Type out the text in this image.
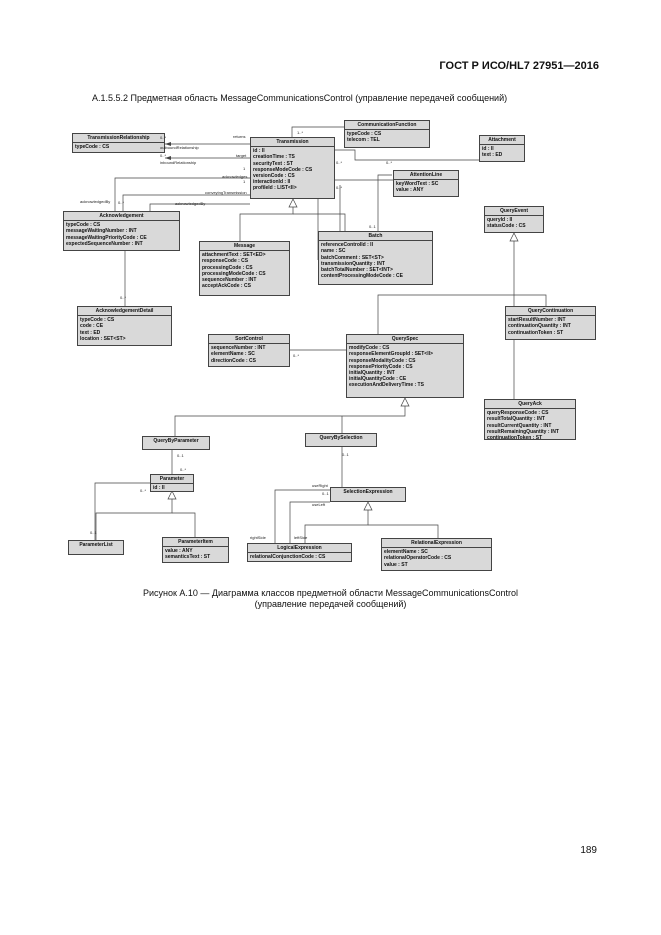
ГОСТ Р ИСО/HL7 27951—2016
A.1.5.5.2 Предметная область MessageCommunicationsControl (управление передачей сообщений)
TransmissionRelationship
typeCode : CS
CommunicationFunction
typeCode : CS
telecom : TEL	Attachment
id : II
text : ED
Transmission
id : II
creationTime : TS
securityText : ST
responseModeCode : CS
versionCode : CS
interactionId : II
profileId : LIST<II>
AttentionLine
keyWordText : SC
value : ANY
Acknowledgement
typeCode : CS
messageWaitingNumber : INT
messageWaitingPriorityCode : CE
expectedSequenceNumber : INT	Message
attachmentText : SET<ED>
responseCode : CS
processingCode : CS
processingModeCode : CS
sequenceNumber : INT
acceptAckCode : CS
Batch
referenceControlId : II
name : SC
batchComment : SET<ST>
transmissionQuantity : INT
batchTotalNumber : SET<INT>
contentProcessingModeCode : CE
QueryEvent
queryId : II
statusCode : CS
AcknowledgementDetail
typeCode : CS
code : CE
text : ED
location : SET<ST>
QueryContinuation
startResultNumber : INT
continuationQuantity : INT
continuationToken : ST
SortControl
sequenceNumber : INT
elementName : SC
directionCode : CS
QuerySpec
modifyCode : CS
responseElementGroupId : SET<II>
responseModalityCode : CS
responsePriorityCode : CS
initialQuantity : INT
initialQuantityCode : CE
executionAndDeliveryTime : TS
QueryAck
queryResponseCode : CS
resultTotalQuantity : INT
resultCurrentQuantity : INT
resultRemainingQuantity : INT
continuationToken : ST
QueryByParameter	QueryBySelection
Parameter
id : II
SelectionExpression
ParameterList	ParameterItem
value : ANY
semanticsText : ST
LogicalExpression
relationalConjunctionCode : CS
RelationalExpression
elementName : SC
relationalOperatorCode : CS
value : ST
returns
outboundRelationship
target
inboundRelationship
acknowledges
acknowledgedBy
conveyingTransmission
acknowledgedBy
0..*
0..*
1
1
0..*
1..*
0..*	0..*
0..1
0..*
0..*
0..*
0..1
0..*
useRight
useLeft
rightSide	leftSide
0..1
0..1
0..*
0..1
Рисунок А.10 — Диаграмма классов предметной области MessageCommunicationsControl
(управление передачей сообщений)
189
